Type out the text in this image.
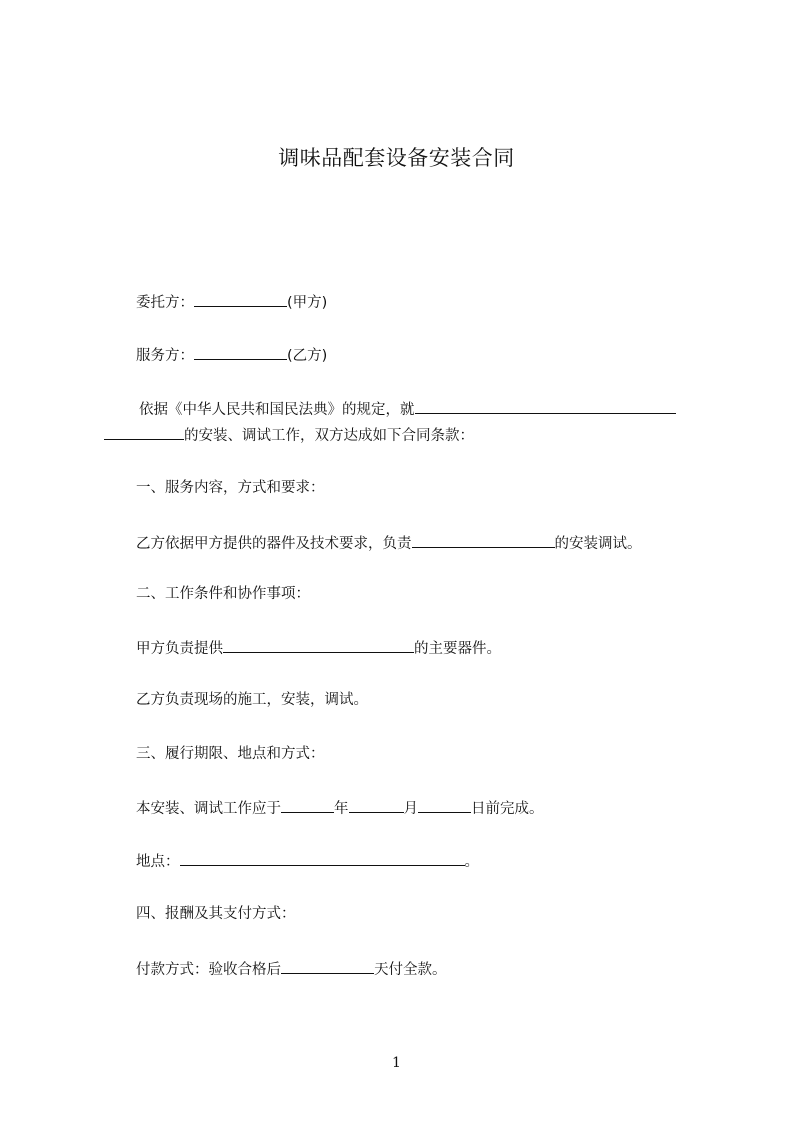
调味品配套设备安装合同
委托方：	(甲方)
服务方：	(乙方)
依据《中华人民共和国民法典》的规定，就
的安装、调试工作，双方达成如下合同条款：
一、服务内容，方式和要求：
乙方依据甲方提供的器件及技术要求，负责	的安装调试。
二、工作条件和协作事项：
甲方负责提供	的主要器件。
乙方负责现场的施工，安装，调试。
三、履行期限、地点和方式：
本安装、调试工作应于	年	月	日前完成。
地点：	。
四、报酬及其支付方式：
付款方式：验收合格后	天付全款。
1
